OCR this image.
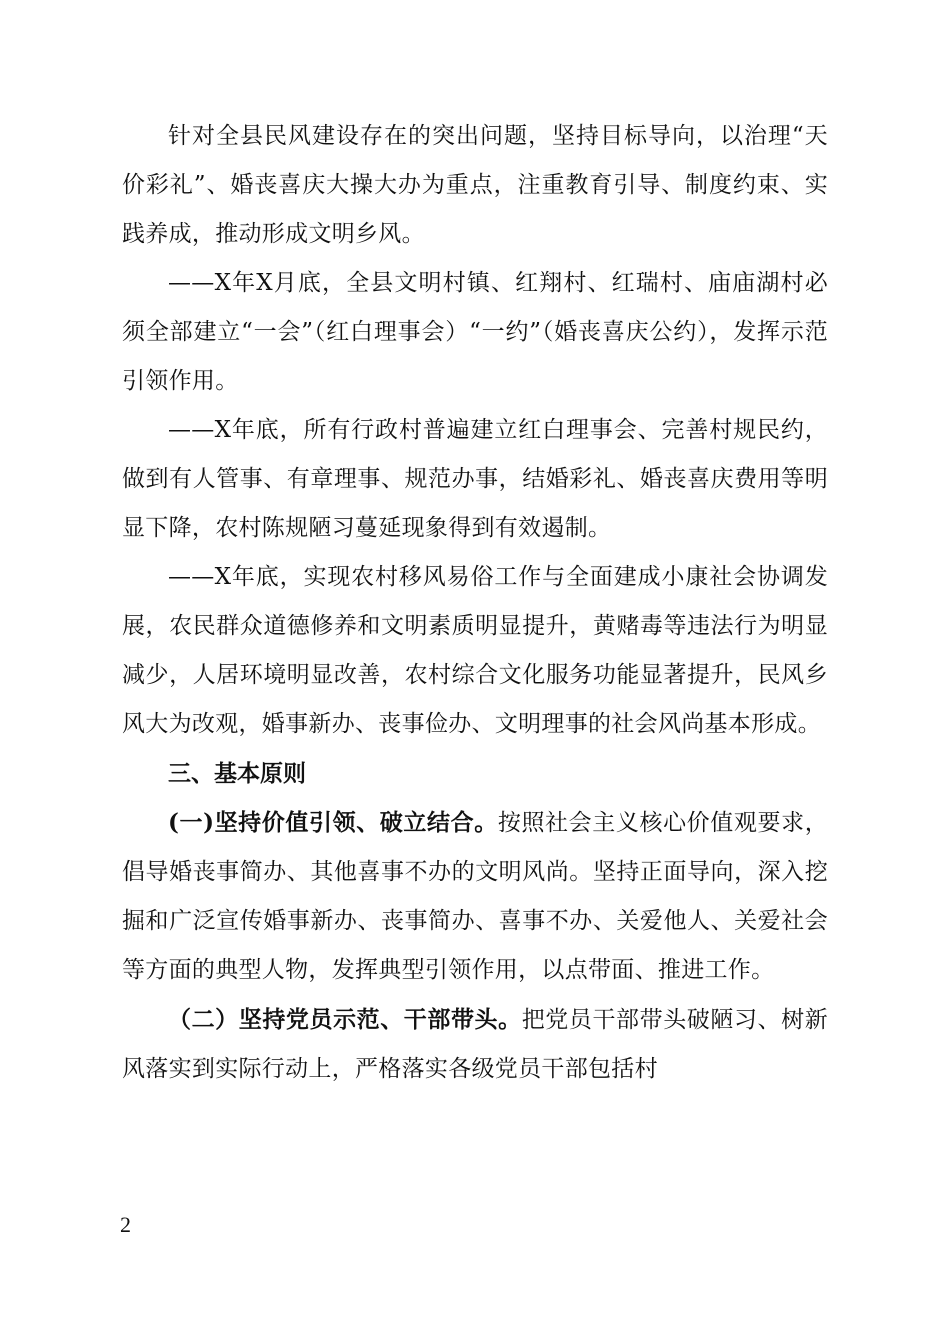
针对全县民风建设存在的突出问题，坚持目标导向，以治理“天价彩礼”、婚丧喜庆大操大办为重点，注重教育引导、制度约束、实践养成，推动形成文明乡风。

——X年X月底，全县文明村镇、红翔村、红瑞村、庙庙湖村必须全部建立“一会”（红白理事会）“一约”（婚丧喜庆公约），发挥示范引领作用。

——X年底，所有行政村普遍建立红白理事会、完善村规民约，做到有人管事、有章理事、规范办事，结婚彩礼、婚丧喜庆费用等明显下降，农村陈规陋习蔓延现象得到有效遏制。

——X年底，实现农村移风易俗工作与全面建成小康社会协调发展，农民群众道德修养和文明素质明显提升，黄赌毒等违法行为明显减少，人居环境明显改善，农村综合文化服务功能显著提升，民风乡风大为改观，婚事新办、丧事俭办、文明理事的社会风尚基本形成。

三、基本原则

(一)坚持价值引领、破立结合。按照社会主义核心价值观要求，倡导婚丧事简办、其他喜事不办的文明风尚。坚持正面导向，深入挖掘和广泛宣传婚事新办、丧事简办、喜事不办、关爱他人、关爱社会等方面的典型人物，发挥典型引领作用，以点带面、推进工作。

（二）坚持党员示范、干部带头。把党员干部带头破陋习、树新风落实到实际行动上，严格落实各级党员干部包括村

2
